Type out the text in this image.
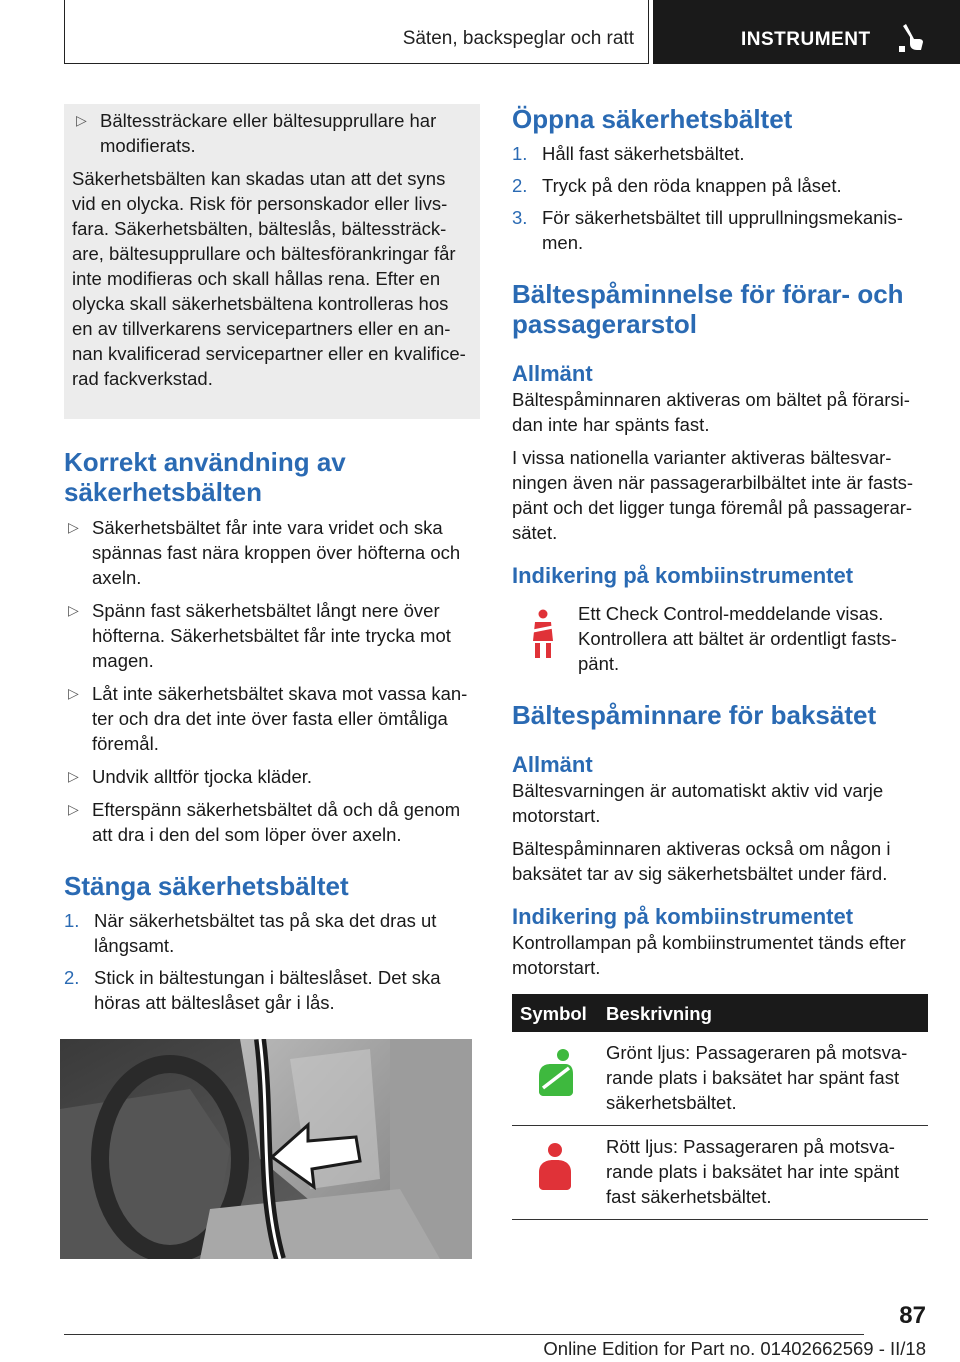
Säten, backspeglar och ratt	INSTRUMENT
▷ Bältessträckare eller bältesupprullare har modifierats.

Säkerhetsbälten kan skadas utan att det syns vid en olycka. Risk för personskador eller livsfara. Säkerhetsbälten, bälteslås, bältessträckare, bältesupprullare och bältesförankringar får inte modifieras och skall hållas rena. Efter en olycka skall säkerhetsbältena kontrolleras hos en av tillverkarens servicepartners eller en annan kvalificerad servicepartner eller en kvalificerad fackverkstad.

Korrekt användning av säkerhetsbälten
▷ Säkerhetsbältet får inte vara vridet och ska spännas fast nära kroppen över höfterna och axeln.
▷ Spänn fast säkerhetsbältet långt nere över höfterna. Säkerhetsbältet får inte trycka mot magen.
▷ Låt inte säkerhetsbältet skava mot vassa kanter och dra det inte över fasta eller ömtåliga föremål.
▷ Undvik alltför tjocka kläder.
▷ Efterspänn säkerhetsbältet då och då genom att dra i den del som löper över axeln.
Stänga säkerhetsbältet
1. När säkerhetsbältet tas på ska det dras ut långsamt.
2. Stick in bältestungan i bälteslåset. Det ska höras att bälteslåset går i lås.
Öppna säkerhetsbältet
1. Håll fast säkerhetsbältet.
2. Tryck på den röda knappen på låset.
3. För säkerhetsbältet till upprullningsmekanismen.
Bältespåminnelse för förar- och passagerarstol
Allmänt

Bältespåminnaren aktiveras om bältet på förarsidan inte har spänts fast.

I vissa nationella varianter aktiveras bältesvarningen även när passagerarbilbältet inte är fastspänt och det ligger tunga föremål på passagerarsätet.

Indikering på kombiinstrumentet

Ett Check Control-meddelande visas. Kontrollera att bältet är ordentligt fastspänt.

Bältespåminnare för baksätet
Allmänt

Bältesvarningen är automatiskt aktiv vid varje motorstart.

Bältespåminnaren aktiveras också om någon i baksätet tar av sig säkerhetsbältet under färd.

Indikering på kombiinstrumentet

Kontrollampan på kombiinstrumentet tänds efter motorstart.

Symbol	Beskrivning
	Grönt ljus: Passageraren på motsvarande plats i baksätet har spänt fast säkerhetsbältet.
	Rött ljus: Passageraren på motsvarande plats i baksätet har inte spänt fast säkerhetsbältet.
87
Online Edition for Part no. 01402662569 - II/18
